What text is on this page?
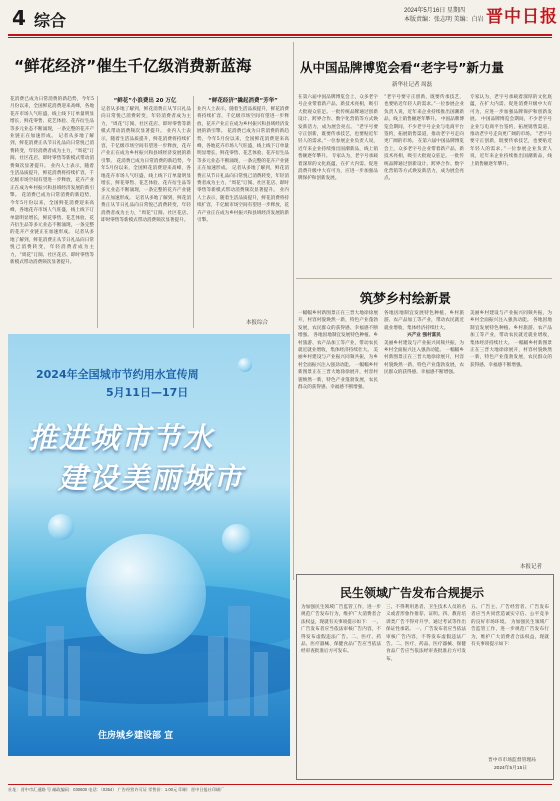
4 综合	2024年5月16日 星期四
本版责编：张志明 美编：白岩 晋中日报
“鲜花经济”催生千亿级消费新蓝海
花消费已成为日常消费的新趋势，今年5月份以来，全国鲜花消费迎来高峰，各地花卉市场人气旺盛，线上线下订单量明显增长，鲜花零售、花艺体验、花卉衍生品等多元业态不断涌现，一条完整的花卉产业链正在加速形成。 记者从多地了解到，鲜花消费正从节日礼品向日常悦己消费转变，年轻消费者成为主力，“周花”订阅、社区花店、即时零售等新模式带动消费频次显著提升。 业内人士表示，随着生活品质提升，鲜花消费将持续扩容，千亿级市场空间有望进一步释放，花卉产业正在成为乡村振兴和县域经济发展的新引擎。 花消费已成为日常消费的新趋势，今年5月份以来，全国鲜花消费迎来高峰，各地花卉市场人气旺盛，线上线下订单量明显增长，鲜花零售、花艺体验、花卉衍生品等多元业态不断涌现，一条完整的花卉产业链正在加速形成。 记者从多地了解到，鲜花消费正从节日礼品向日常悦己消费转变，年轻消费者成为主力，“周花”订阅、社区花店、即时零售等新模式带动消费频次显著提升。
“鲜花”小浪费出 20 万亿
记者从多地了解到，鲜花消费正从节日礼品向日常悦己消费转变，年轻消费者成为主力，“周花”订阅、社区花店、即时零售等新模式带动消费频次显著提升。 业内人士表示，随着生活品质提升，鲜花消费将持续扩容，千亿级市场空间有望进一步释放，花卉产业正在成为乡村振兴和县域经济发展的新引擎。 花消费已成为日常消费的新趋势，今年5月份以来，全国鲜花消费迎来高峰，各地花卉市场人气旺盛，线上线下订单量明显增长，鲜花零售、花艺体验、花卉衍生品等多元业态不断涌现，一条完整的花卉产业链正在加速形成。 记者从多地了解到，鲜花消费正从节日礼品向日常悦己消费转变，年轻消费者成为主力，“周花”订阅、社区花店、即时零售等新模式带动消费频次显著提升。
“鲜花经济”撬起消费“芳华”
业内人士表示，随着生活品质提升，鲜花消费将持续扩容，千亿级市场空间有望进一步释放，花卉产业正在成为乡村振兴和县域经济发展的新引擎。 花消费已成为日常消费的新趋势，今年5月份以来，全国鲜花消费迎来高峰，各地花卉市场人气旺盛，线上线下订单量明显增长，鲜花零售、花艺体验、花卉衍生品等多元业态不断涌现，一条完整的花卉产业链正在加速形成。 记者从多地了解到，鲜花消费正从节日礼品向日常悦己消费转变，年轻消费者成为主力，“周花”订阅、社区花店、即时零售等新模式带动消费频次显著提升。 业内人士表示，随着生活品质提升，鲜花消费将持续扩容，千亿级市场空间有望进一步释放，花卉产业正在成为乡村振兴和县域经济发展的新引擎。
本报综合
从中国品牌博览会看“老字号”新力量
新华社记者 周磊
在第六届中国品牌博览会上，众多老字号企业带着新产品、新技术亮相，吸引大批观众驻足。一批传统品牌通过创新设计、跨界合作、数字化营销等方式焕发新活力，成为展会亮点。 “老字号要守正创新，既要传承技艺，也要贴近年轻人的需求。”一位参展企业负责人说，近年来企业持续推出国潮新品，线上销售额逐年攀升。 专家认为，老字号承载着深厚的文化底蕴，在扩大内需、促进消费升级中大有可为，应进一步加强品牌保护和创新发展。
“老字号要守正创新，既要传承技艺，也要贴近年轻人的需求。”一位参展企业负责人说，近年来企业持续推出国潮新品，线上销售额逐年攀升。 中国品牌博览会期间，不少老字号企业与电商平台签约，拓展销售渠道，推动老字号走向更广阔的市场。 在第六届中国品牌博览会上，众多老字号企业带着新产品、新技术亮相，吸引大批观众驻足。一批传统品牌通过创新设计、跨界合作、数字化营销等方式焕发新活力，成为展会亮点。
专家认为，老字号承载着深厚的文化底蕴，在扩大内需、促进消费升级中大有可为，应进一步加强品牌保护和创新发展。 中国品牌博览会期间，不少老字号企业与电商平台签约，拓展销售渠道，推动老字号走向更广阔的市场。 “老字号要守正创新，既要传承技艺，也要贴近年轻人的需求。”一位参展企业负责人说，近年来企业持续推出国潮新品，线上销售额逐年攀升。
筑梦乡村绘新景
一幅幅乡村新图景正在三晋大地徐徐展开，村容村貌焕然一新，特色产业蓬勃发展，农民群众的获得感、幸福感不断增强。 各地因地制宜发展特色种植、乡村旅游、农产品加工等产业，带动农民就近就业增收，集体经济持续壮大。 美丽乡村建设与产业振兴同频共振，为乡村全面振兴注入强劲动能。 一幅幅乡村新图景正在三晋大地徐徐展开，村容村貌焕然一新，特色产业蓬勃发展，农民群众的获得感、幸福感不断增强。
各地因地制宜发展特色种植、乡村旅游、农产品加工等产业，带动农民就近就业增收，集体经济持续壮大。
兴产业 强村富民
美丽乡村建设与产业振兴同频共振，为乡村全面振兴注入强劲动能。 一幅幅乡村新图景正在三晋大地徐徐展开，村容村貌焕然一新，特色产业蓬勃发展，农民群众的获得感、幸福感不断增强。
美丽乡村建设与产业振兴同频共振，为乡村全面振兴注入强劲动能。 各地因地制宜发展特色种植、乡村旅游、农产品加工等产业，带动农民就近就业增收，集体经济持续壮大。 一幅幅乡村新图景正在三晋大地徐徐展开，村容村貌焕然一新，特色产业蓬勃发展，农民群众的获得感、幸福感不断增强。
本报记者
2024年全国城市节约用水宣传周
5月11日—17日
推进城市节水
建设美丽城市
住房城乡建设部 宣
民生领域广告发布合规提示
为加强民生领域广告监管工作，进一步规范广告发布行为，维护广大消费者合法权益，现就有关事项提示如下： 一、广告发布者应当依法审核广告内容，不得发布虚假违法广告。二、医疗、药品、医疗器械、保健食品广告应当依法经审查批准后方可发布。
三、不得利用患者、卫生技术人员的名义或者形象作推荐、证明。四、教育培训类广告不得对升学、通过考试等作出保证性承诺。 一、广告发布者应当依法审核广告内容，不得发布虚假违法广告。二、医疗、药品、医疗器械、保健食品广告应当依法经审查批准后方可发布。
五、广告主、广告经营者、广告发布者应当共同营造诚实守信、公平竞争的良好市场环境。 为加强民生领域广告监管工作，进一步规范广告发布行为，维护广大消费者合法权益，现就有关事项提示如下：
晋中市市场监督管理局
2024年5月15日
社址：晋中市汇通路 号 邮政编码：030600 电话：（0354） 广告经营许可证 零售价：1.00元 印刷：晋中日报社印刷厂
